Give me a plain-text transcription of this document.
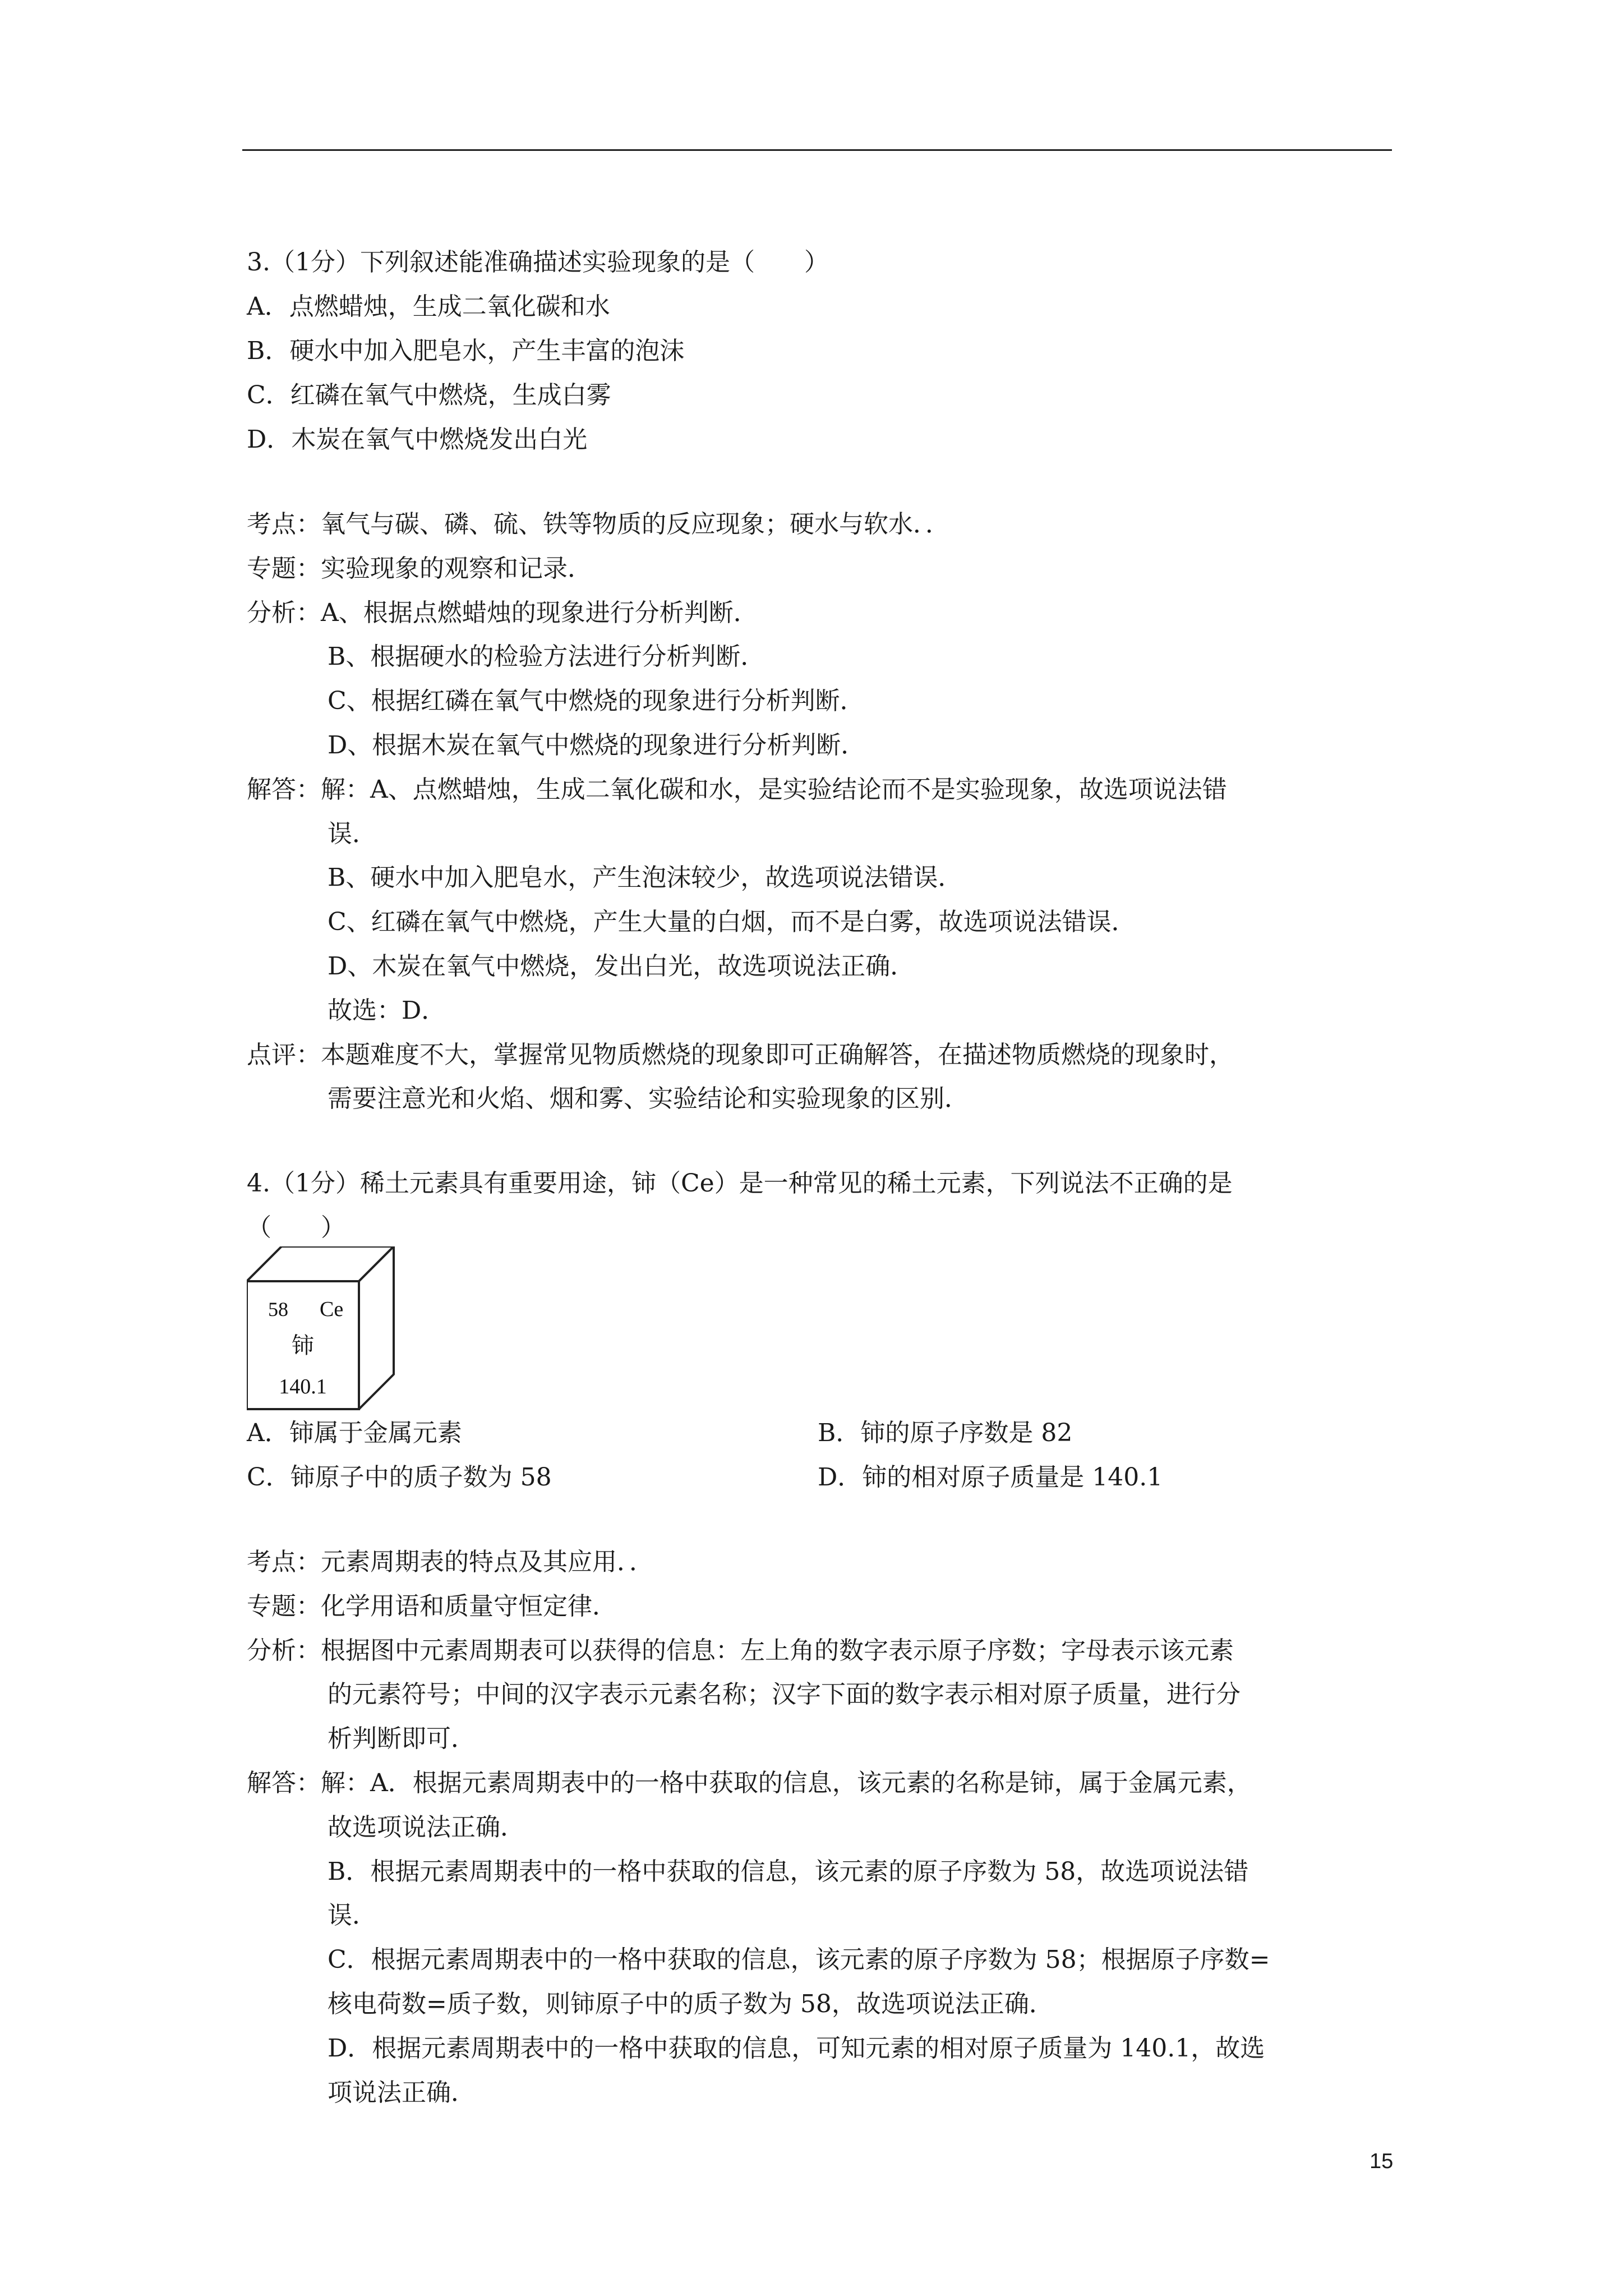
3.（1分）下列叙述能准确描述实验现象的是（　　）
A．点燃蜡烛，生成二氧化碳和水
B．硬水中加入肥皂水，产生丰富的泡沫
C．红磷在氧气中燃烧，生成白雾
D．木炭在氧气中燃烧发出白光
考点：氧气与碳、磷、硫、铁等物质的反应现象；硬水与软水．．
专题：实验现象的观察和记录．
分析：A、根据点燃蜡烛的现象进行分析判断．
B、根据硬水的检验方法进行分析判断．
C、根据红磷在氧气中燃烧的现象进行分析判断．
D、根据木炭在氧气中燃烧的现象进行分析判断．
解答：解：A、点燃蜡烛，生成二氧化碳和水，是实验结论而不是实验现象，故选项说法错
误．
B、硬水中加入肥皂水，产生泡沫较少，故选项说法错误．
C、红磷在氧气中燃烧，产生大量的白烟，而不是白雾，故选项说法错误．
D、木炭在氧气中燃烧，发出白光，故选项说法正确．
故选：D．
点评：本题难度不大，掌握常见物质燃烧的现象即可正确解答，在描述物质燃烧的现象时，
需要注意光和火焰、烟和雾、实验结论和实验现象的区别．
4.（1分）稀土元素具有重要用途，铈（Ce）是一种常见的稀土元素，下列说法不正确的是
（　　）
58 Ce
铈
140.1
A．铈属于金属元素	B．铈的原子序数是 82
C．铈原子中的质子数为 58	D．铈的相对原子质量是 140.1
考点：元素周期表的特点及其应用．．
专题：化学用语和质量守恒定律．
分析：根据图中元素周期表可以获得的信息：左上角的数字表示原子序数；字母表示该元素
的元素符号；中间的汉字表示元素名称；汉字下面的数字表示相对原子质量，进行分
析判断即可．
解答：解：A．根据元素周期表中的一格中获取的信息，该元素的名称是铈，属于金属元素，
故选项说法正确．
B．根据元素周期表中的一格中获取的信息，该元素的原子序数为 58，故选项说法错
误．
C．根据元素周期表中的一格中获取的信息，该元素的原子序数为 58；根据原子序数=
核电荷数=质子数，则铈原子中的质子数为 58，故选项说法正确．
D．根据元素周期表中的一格中获取的信息，可知元素的相对原子质量为 140.1，故选
项说法正确．
15
